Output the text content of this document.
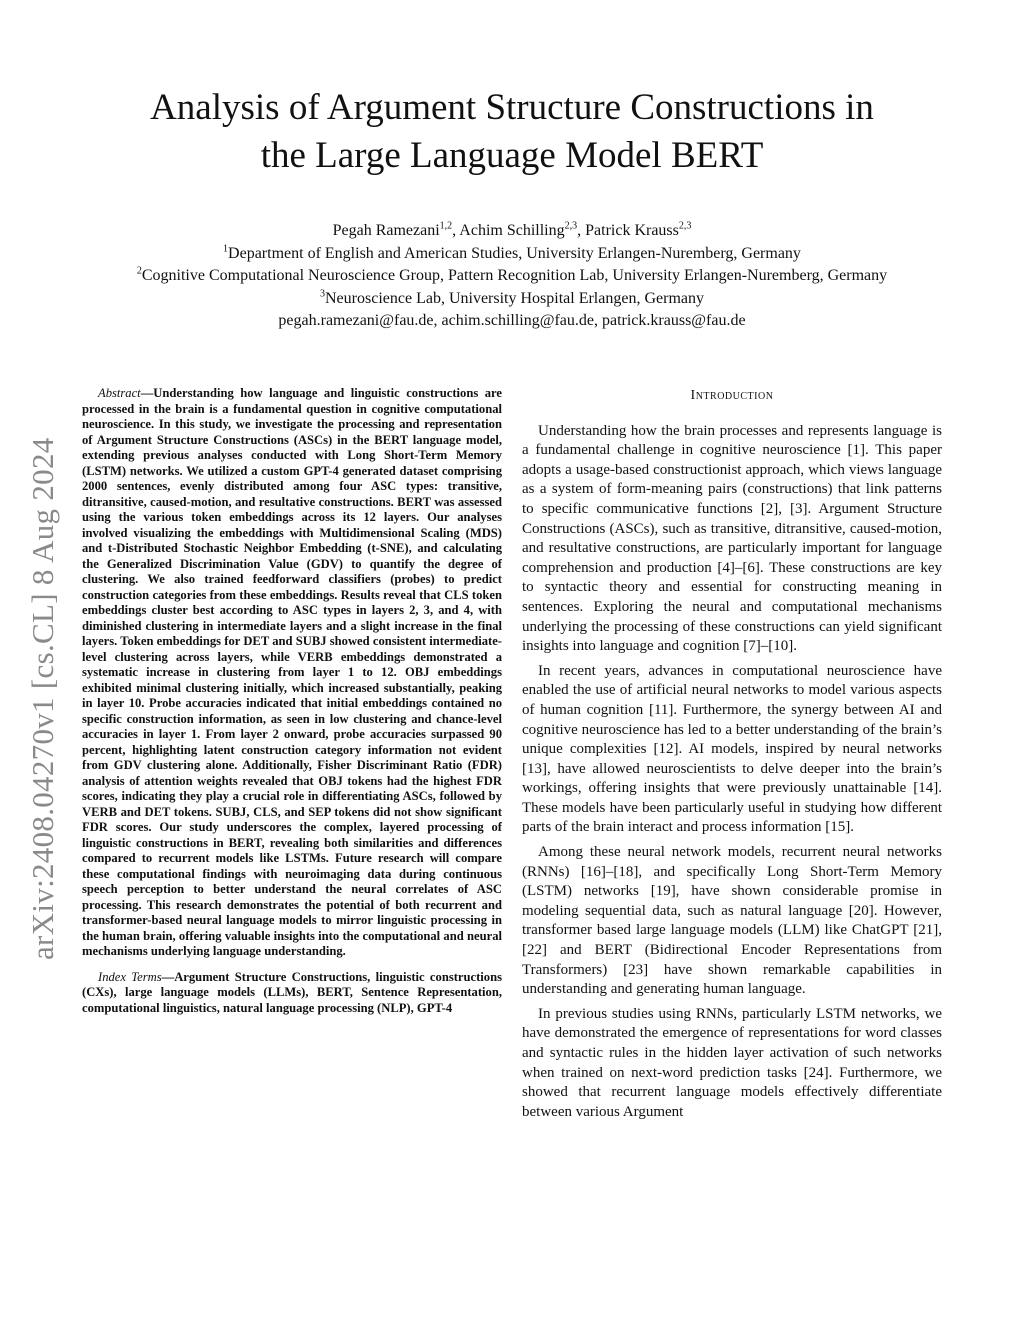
Analysis of Argument Structure Constructions in
the Large Language Model BERT
Pegah Ramezani$^{1,2}$, Achim Schilling$^{2,3}$, Patrick Krauss$^{2,3}$
$^1$Department of English and American Studies, University Erlangen-Nuremberg, Germany
$^2$Cognitive Computational Neuroscience Group, Pattern Recognition Lab, University Erlangen-Nuremberg, Germany
$^3$Neuroscience Lab, University Hospital Erlangen, Germany
pegah.ramezani@fau.de, achim.schilling@fau.de, patrick.krauss@fau.de
arXiv:2408.04270v1 [cs.CL] 8 Aug 2024

Abstract—Understanding how language and linguistic constructions are processed in the brain is a fundamental question in cognitive computational neuroscience. In this study, we investigate the processing and representation of Argument Structure Constructions (ASCs) in the BERT language model, extending previous analyses conducted with Long Short-Term Memory (LSTM) networks. We utilized a custom GPT-4 generated dataset comprising 2000 sentences, evenly distributed among four ASC types: transitive, ditransitive, caused-motion, and resultative constructions. BERT was assessed using the various token embeddings across its 12 layers. Our analyses involved visualizing the embeddings with Multidimensional Scaling (MDS) and t-Distributed Stochastic Neighbor Embedding (t-SNE), and calculating the Generalized Discrimination Value (GDV) to quantify the degree of clustering. We also trained feedforward classifiers (probes) to predict construction categories from these embeddings. Results reveal that CLS token embeddings cluster best according to ASC types in layers 2, 3, and 4, with diminished clustering in intermediate layers and a slight increase in the final layers. Token embeddings for DET and SUBJ showed consistent intermediate-level clustering across layers, while VERB embeddings demonstrated a systematic increase in clustering from layer 1 to 12. OBJ embeddings exhibited minimal clustering initially, which increased substantially, peaking in layer 10. Probe accuracies indicated that initial embeddings contained no specific construction information, as seen in low clustering and chance-level accuracies in layer 1. From layer 2 onward, probe accuracies surpassed 90 percent, highlighting latent construction category information not evident from GDV clustering alone. Additionally, Fisher Discriminant Ratio (FDR) analysis of attention weights revealed that OBJ tokens had the highest FDR scores, indicating they play a crucial role in differentiating ASCs, followed by VERB and DET tokens. SUBJ, CLS, and SEP tokens did not show significant FDR scores. Our study underscores the complex, layered processing of linguistic constructions in BERT, revealing both similarities and differences compared to recurrent models like LSTMs. Future research will compare these computational findings with neuroimaging data during continuous speech perception to better understand the neural correlates of ASC processing. This research demonstrates the potential of both recurrent and transformer-based neural language models to mirror linguistic processing in the human brain, offering valuable insights into the computational and neural mechanisms underlying language understanding.

Index Terms—Argument Structure Constructions, linguistic constructions (CXs), large language models (LLMs), BERT, Sentence Representation, computational linguistics, natural language processing (NLP), GPT-4

Introduction

Understanding how the brain processes and represents language is a fundamental challenge in cognitive neuroscience [1]. This paper adopts a usage-based constructionist approach, which views language as a system of form-meaning pairs (constructions) that link patterns to specific communicative functions [2], [3]. Argument Structure Constructions (ASCs), such as transitive, ditransitive, caused-motion, and resultative constructions, are particularly important for language comprehension and production [4]–[6]. These constructions are key to syntactic theory and essential for constructing meaning in sentences. Exploring the neural and computational mechanisms underlying the processing of these constructions can yield significant insights into language and cognition [7]–[10].

In recent years, advances in computational neuroscience have enabled the use of artificial neural networks to model various aspects of human cognition [11]. Furthermore, the synergy between AI and cognitive neuroscience has led to a better understanding of the brain’s unique complexities [12]. AI models, inspired by neural networks [13], have allowed neuroscientists to delve deeper into the brain’s workings, offering insights that were previously unattainable [14]. These models have been particularly useful in studying how different parts of the brain interact and process information [15].

Among these neural network models, recurrent neural networks (RNNs) [16]–[18], and specifically Long Short-Term Memory (LSTM) networks [19], have shown considerable promise in modeling sequential data, such as natural language [20]. However, transformer based large language models (LLM) like ChatGPT [21], [22] and BERT (Bidirectional Encoder Representations from Transformers) [23] have shown remarkable capabilities in understanding and generating human language.

In previous studies using RNNs, particularly LSTM networks, we have demonstrated the emergence of representations for word classes and syntactic rules in the hidden layer activation of such networks when trained on next-word prediction tasks [24]. Furthermore, we showed that recurrent language models effectively differentiate between various Argument
